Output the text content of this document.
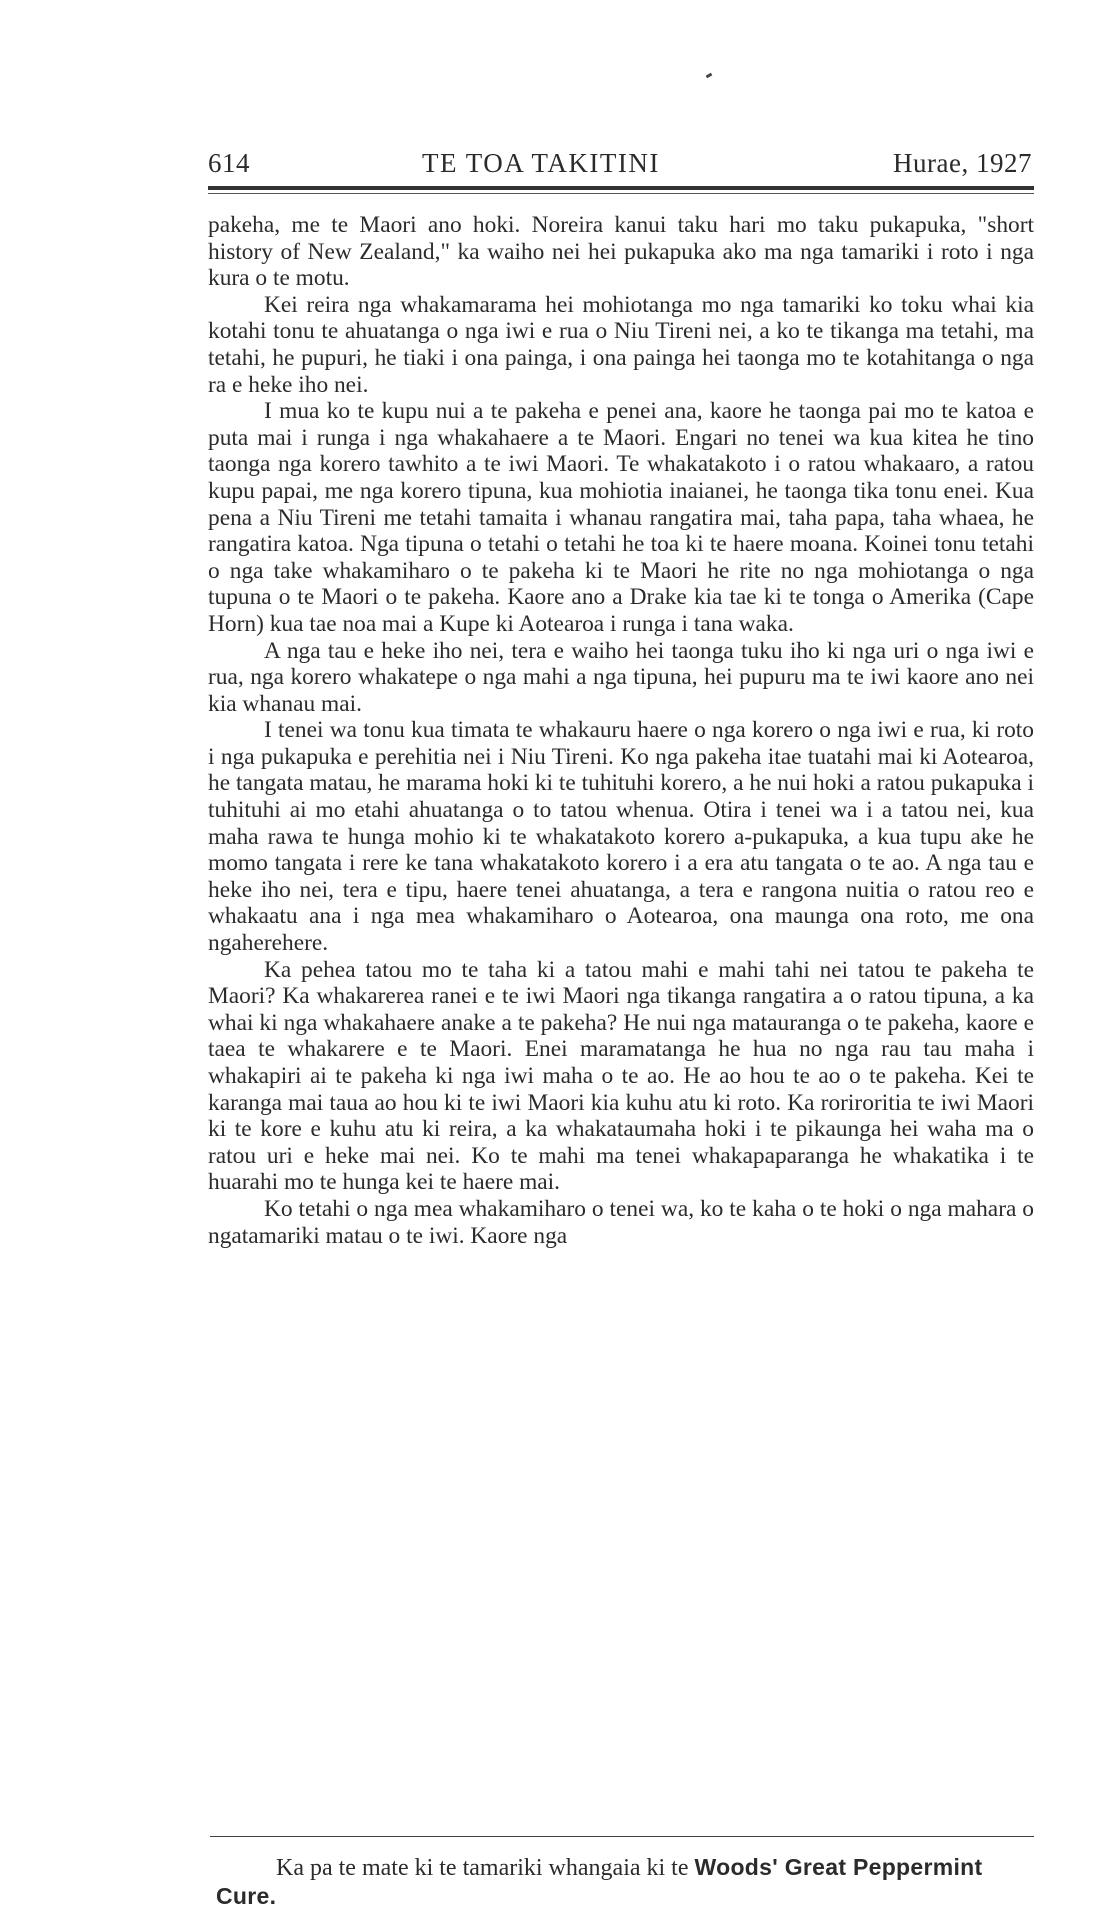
614	TE TOA TAKITINI	Hurae, 1927

pakeha, me te Maori ano hoki. Noreira kanui taku hari mo taku pukapuka, "short history of New Zealand," ka waiho nei hei pukapuka ako ma nga tamariki i roto i nga kura o te motu.

Kei reira nga whakamarama hei mohiotanga mo nga tamariki ko toku whai kia kotahi tonu te ahuatanga o nga iwi e rua o Niu Tireni nei, a ko te tikanga ma tetahi, ma tetahi, he pupuri, he tiaki i ona painga, i ona painga hei taonga mo te kotahitanga o nga ra e heke iho nei.

I mua ko te kupu nui a te pakeha e penei ana, kaore he taonga pai mo te katoa e puta mai i runga i nga whakahaere a te Maori. Engari no tenei wa kua kitea he tino taonga nga korero tawhito a te iwi Maori. Te whakatakoto i o ratou whakaaro, a ratou kupu papai, me nga korero tipuna, kua mohiotia inaianei, he taonga tika tonu enei. Kua pena a Niu Tireni me tetahi tamaita i whanau rangatira mai, taha papa, taha whaea, he rangatira katoa. Nga tipuna o tetahi o tetahi he toa ki te haere moana. Koinei tonu tetahi o nga take whakamiharo o te pakeha ki te Maori he rite no nga mohiotanga o nga tupuna o te Maori o te pakeha. Kaore ano a Drake kia tae ki te tonga o Amerika (Cape Horn) kua tae noa mai a Kupe ki Aotearoa i runga i tana waka.

A nga tau e heke iho nei, tera e waiho hei taonga tuku iho ki nga uri o nga iwi e rua, nga korero whakatepe o nga mahi a nga tipuna, hei pupuru ma te iwi kaore ano nei kia whanau mai.

I tenei wa tonu kua timata te whakauru haere o nga korero o nga iwi e rua, ki roto i nga pukapuka e perehitia nei i Niu Tireni. Ko nga pakeha itae tuatahi mai ki Aotearoa, he tangata matau, he marama hoki ki te tuhituhi korero, a he nui hoki a ratou pukapuka i tuhituhi ai mo etahi ahuatanga o to tatou whenua. Otira i tenei wa i a tatou nei, kua maha rawa te hunga mohio ki te whakatakoto korero a-pukapuka, a kua tupu ake he momo tangata i rere ke tana whakatakoto korero i a era atu tangata o te ao. A nga tau e heke iho nei, tera e tipu, haere tenei ahuatanga, a tera e rangona nuitia o ratou reo e whakaatu ana i nga mea whakamiharo o Aotearoa, ona maunga ona roto, me ona ngaherehere.

Ka pehea tatou mo te taha ki a tatou mahi e mahi tahi nei tatou te pakeha te Maori? Ka whakarerea ranei e te iwi Maori nga tikanga rangatira a o ratou tipuna, a ka whai ki nga whakahaere anake a te pakeha? He nui nga matauranga o te pakeha, kaore e taea te whakarere e te Maori. Enei maramatanga he hua no nga rau tau maha i whakapiri ai te pakeha ki nga iwi maha o te ao. He ao hou te ao o te pakeha. Kei te karanga mai taua ao hou ki te iwi Maori kia kuhu atu ki roto. Ka roriroritia te iwi Maori ki te kore e kuhu atu ki reira, a ka whakataumaha hoki i te pikaunga hei waha ma o ratou uri e heke mai nei. Ko te mahi ma tenei whakapaparanga he whakatika i te huarahi mo te hunga kei te haere mai.

Ko tetahi o nga mea whakamiharo o tenei wa, ko te kaha o te hoki o nga mahara o ngatamariki matau o te iwi. Kaore nga

Ka pa te mate ki te tamariki whangaia ki te Woods' Great Peppermint Cure.
